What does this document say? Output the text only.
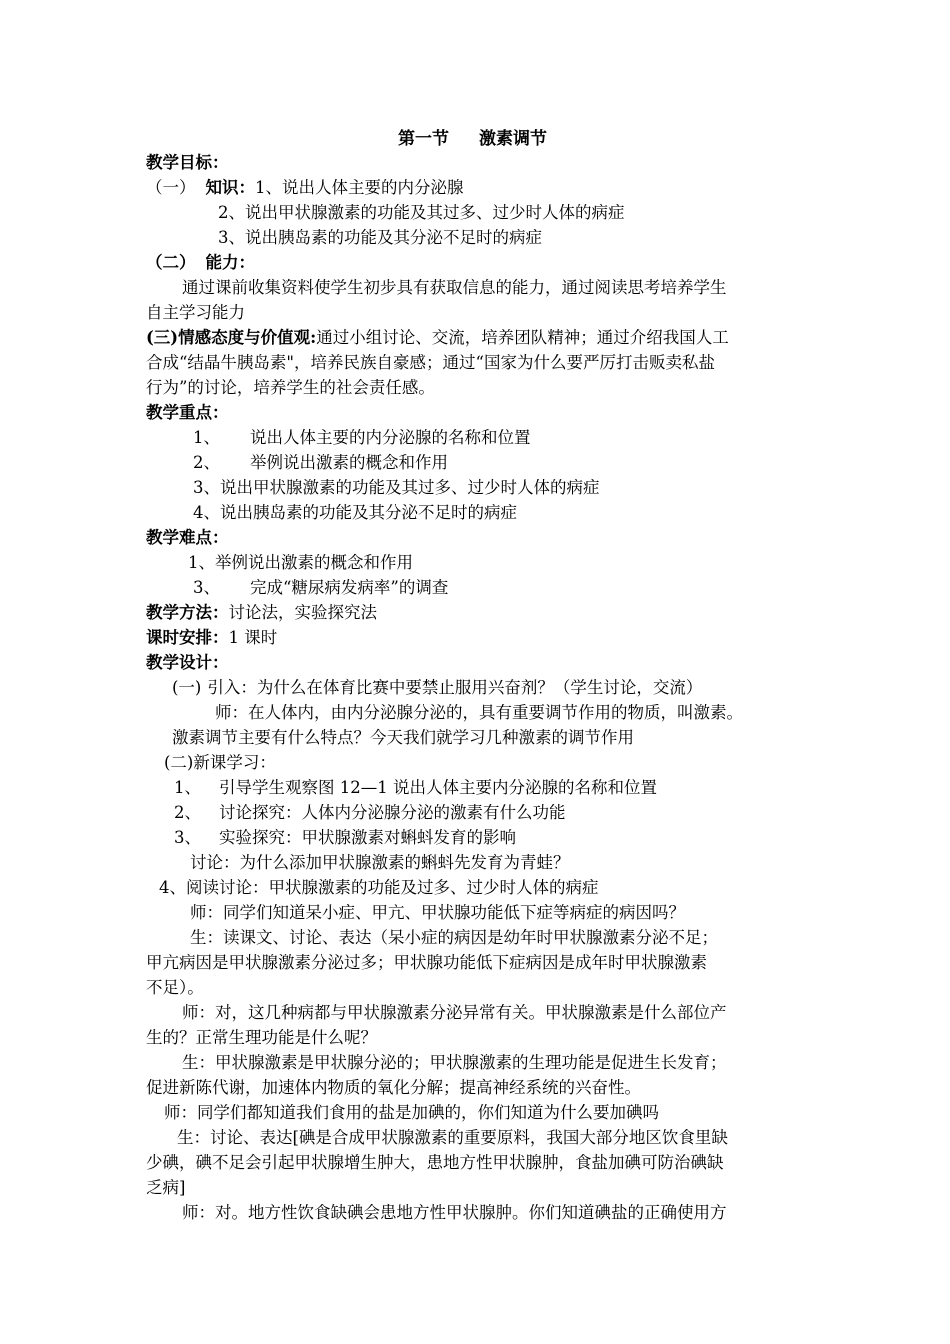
第一节 激素调节
教学目标：
（一） 知识：1、说出人体主要的内分泌腺
2、说出甲状腺激素的功能及其过多、过少时人体的病症
3、说出胰岛素的功能及其分泌不足时的病症
（二） 能力：
通过课前收集资料使学生初步具有获取信息的能力，通过阅读思考培养学生
自主学习能力
(三)情感态度与价值观:通过小组讨论、交流，培养团队精神；通过介绍我国人工
合成“结晶牛胰岛素"，培养民族自豪感；通过“国家为什么要严厉打击贩卖私盐
行为”的讨论，培养学生的社会责任感。
教学重点：
1、 说出人体主要的内分泌腺的名称和位置
2、 举例说出激素的概念和作用
3、说出甲状腺激素的功能及其过多、过少时人体的病症
4、说出胰岛素的功能及其分泌不足时的病症
教学难点：
1、举例说出激素的概念和作用
3、 完成“糖尿病发病率”的调查
教学方法：讨论法，实验探究法
课时安排：1 课时
教学设计：
(一) 引入：为什么在体育比赛中要禁止服用兴奋剂？（学生讨论，交流）
师：在人体内，由内分泌腺分泌的，具有重要调节作用的物质，叫激素。
激素调节主要有什么特点？今天我们就学习几种激素的调节作用
(二)新课学习：
1、 引导学生观察图 12—1 说出人体主要内分泌腺的名称和位置
2、 讨论探究：人体内分泌腺分泌的激素有什么功能
3、 实验探究：甲状腺激素对蝌蚪发育的影响
讨论：为什么添加甲状腺激素的蝌蚪先发育为青蛙？
4、阅读讨论：甲状腺激素的功能及过多、过少时人体的病症
师：同学们知道呆小症、甲亢、甲状腺功能低下症等病症的病因吗？
生：读课文、讨论、表达（呆小症的病因是幼年时甲状腺激素分泌不足；
甲亢病因是甲状腺激素分泌过多；甲状腺功能低下症病因是成年时甲状腺激素
不足）。
师：对，这几种病都与甲状腺激素分泌异常有关。甲状腺激素是什么部位产
生的？正常生理功能是什么呢？
生：甲状腺激素是甲状腺分泌的；甲状腺激素的生理功能是促进生长发育；
促进新陈代谢，加速体内物质的氧化分解；提高神经系统的兴奋性。
师：同学们都知道我们食用的盐是加碘的，你们知道为什么要加碘吗
生：讨论、表达[碘是合成甲状腺激素的重要原料，我国大部分地区饮食里缺
少碘，碘不足会引起甲状腺增生肿大，患地方性甲状腺肿，食盐加碘可防治碘缺
乏病]
师：对。地方性饮食缺碘会患地方性甲状腺肿。你们知道碘盐的正确使用方
